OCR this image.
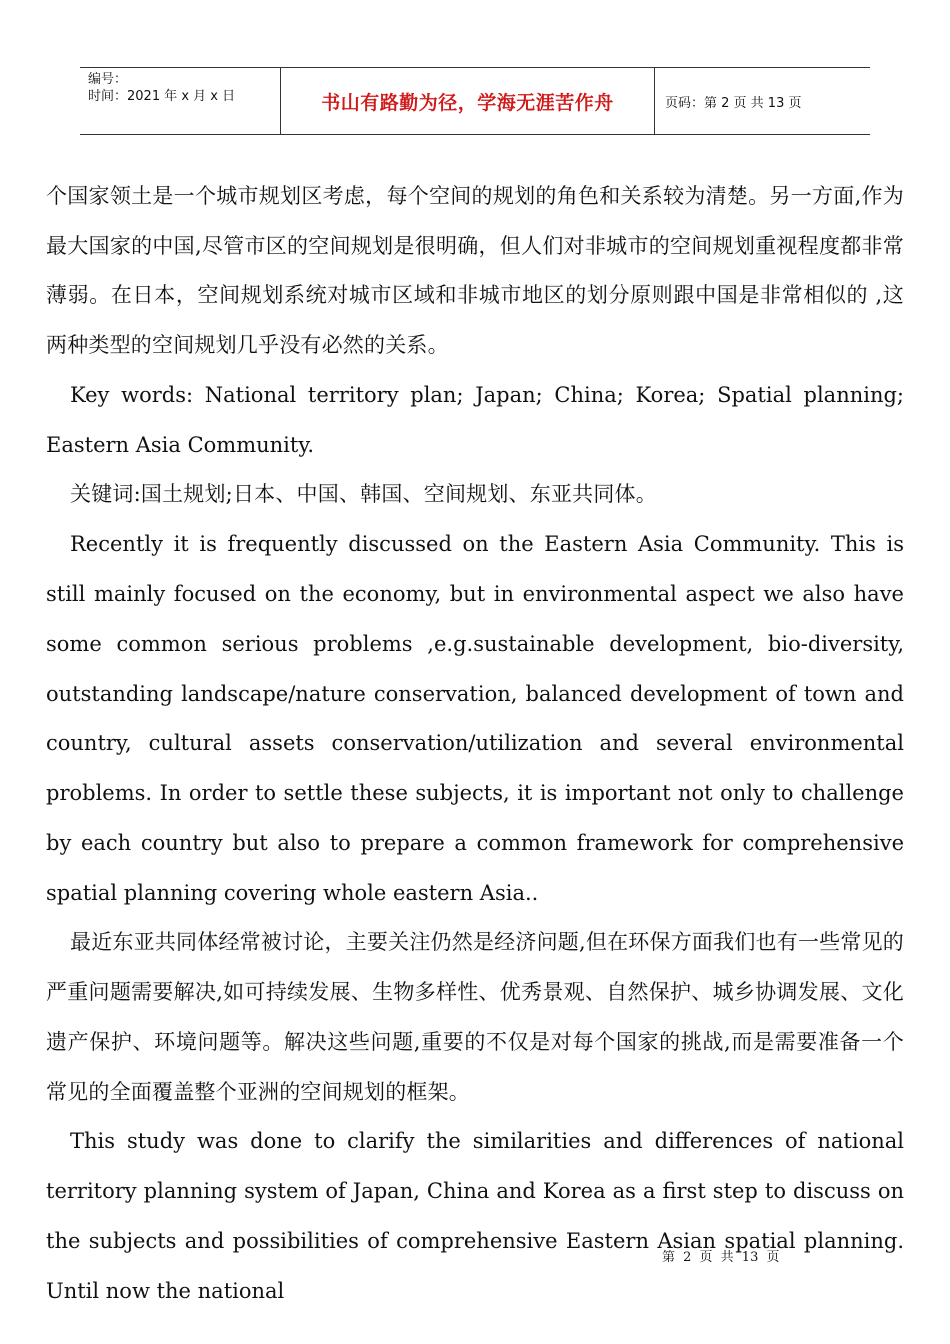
编号：
时间：2021 年 x 月 x 日	书山有路勤为径，学海无涯苦作舟	页码：第 2 页 共 13 页

个国家领土是一个城市规划区考虑，每个空间的规划的角色和关系较为清楚。另一方面,作为最大国家的中国,尽管市区的空间规划是很明确，但人们对非城市的空间规划重视程度都非常薄弱。在日本，空间规划系统对城市区域和非城市地区的划分原则跟中国是非常相似的 ,这两种类型的空间规划几乎没有必然的关系。

Key words: National territory plan; Japan; China; Korea; Spatial planning; Eastern Asia Community.

关键词:国土规划;日本、中国、韩国、空间规划、东亚共同体。

Recently it is frequently discussed on the Eastern Asia Community. This is still mainly focused on the economy, but in environmental aspect we also have some common serious problems ,e.g.sustainable development, bio-diversity, outstanding landscape/nature conservation, balanced development of town and country, cultural assets conservation/utilization and several environmental problems. In order to settle these subjects, it is important not only to challenge by each country but also to prepare a common framework for comprehensive spatial planning covering whole eastern Asia..

最近东亚共同体经常被讨论，主要关注仍然是经济问题,但在环保方面我们也有一些常见的严重问题需要解决,如可持续发展、生物多样性、优秀景观、自然保护、城乡协调发展、文化遗产保护、环境问题等。解决这些问题,重要的不仅是对每个国家的挑战,而是需要准备一个常见的全面覆盖整个亚洲的空间规划的框架。

This study was done to clarify the similarities and differences of national territory planning system of Japan, China and Korea as a first step to discuss on the subjects and possibilities of comprehensive Eastern Asian spatial planning. Until now the national

第 2 页 共 13 页
